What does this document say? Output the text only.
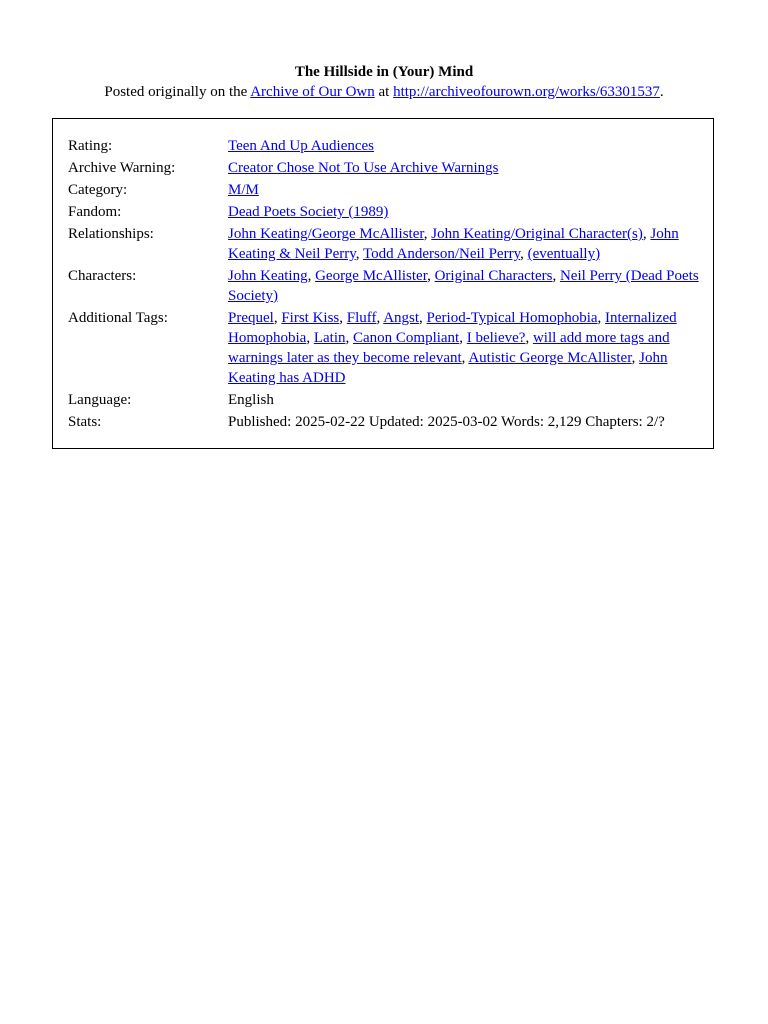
The Hillside in (Your) Mind
Posted originally on the Archive of Our Own at http://archiveofourown.org/works/63301537.
Rating:	Teen And Up Audiences
Archive Warning:	Creator Chose Not To Use Archive Warnings
Category:	M/M
Fandom:	Dead Poets Society (1989)
Relationships:	John Keating/George McAllister, John Keating/Original Character(s), John Keating & Neil Perry, Todd Anderson/Neil Perry, (eventually)
Characters:	John Keating, George McAllister, Original Characters, Neil Perry (Dead Poets Society)
Additional Tags:	Prequel, First Kiss, Fluff, Angst, Period-Typical Homophobia, Internalized Homophobia, Latin, Canon Compliant, I believe?, will add more tags and warnings later as they become relevant, Autistic George McAllister, John Keating has ADHD
Language:	English
Stats:	Published: 2025-02-22 Updated: 2025-03-02 Words: 2,129 Chapters: 2/?
